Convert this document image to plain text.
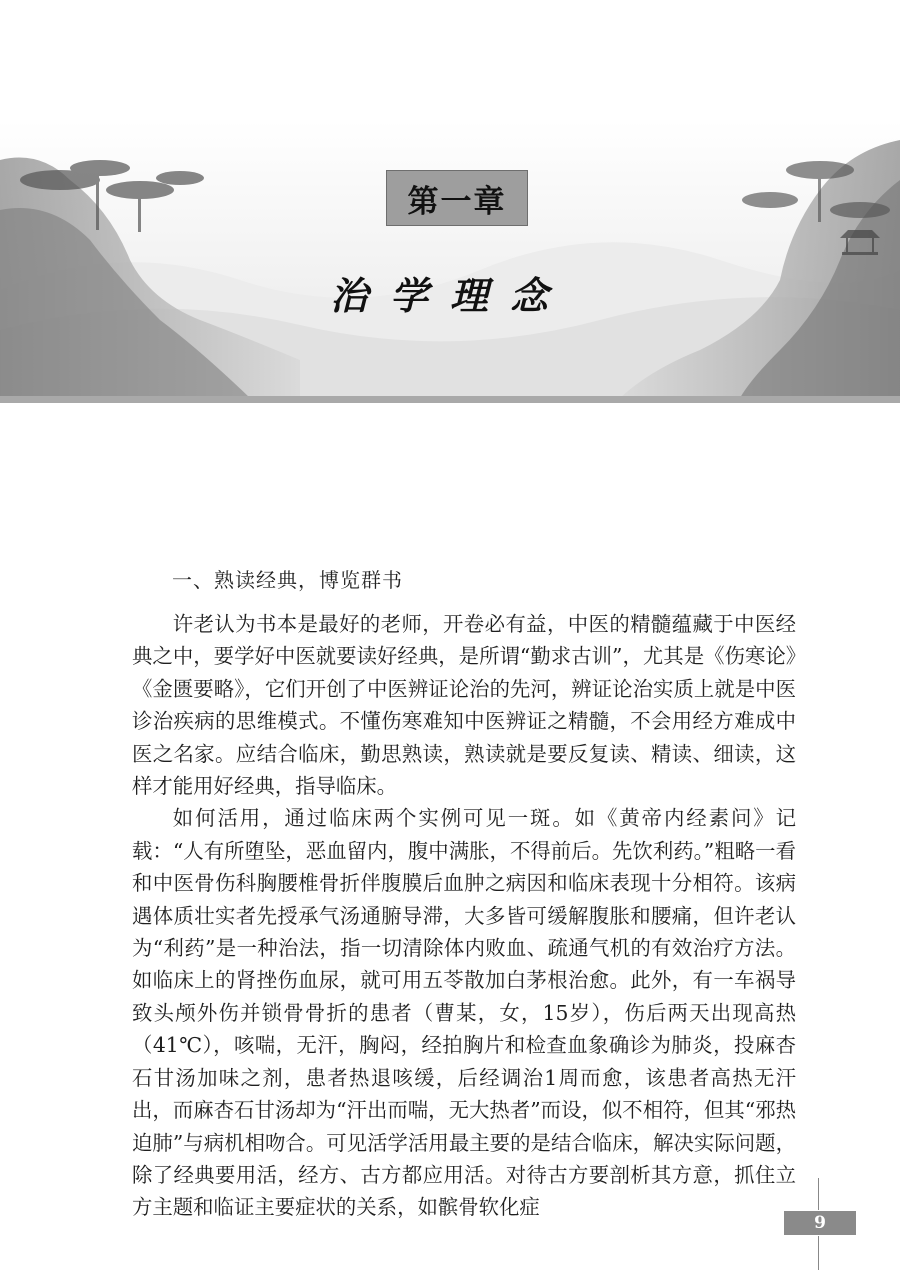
第一章
治学理念
一、熟读经典，博览群书

许老认为书本是最好的老师，开卷必有益，中医的精髓蕴藏于中医经典之中，要学好中医就要读好经典，是所谓“勤求古训”，尤其是《伤寒论》《金匮要略》，它们开创了中医辨证论治的先河，辨证论治实质上就是中医诊治疾病的思维模式。不懂伤寒难知中医辨证之精髓，不会用经方难成中医之名家。应结合临床，勤思熟读，熟读就是要反复读、精读、细读，这样才能用好经典，指导临床。

如何活用，通过临床两个实例可见一斑。如《黄帝内经素问》记载：“人有所堕坠，恶血留内，腹中满胀，不得前后。先饮利药。”粗略一看和中医骨伤科胸腰椎骨折伴腹膜后血肿之病因和临床表现十分相符。该病遇体质壮实者先授承气汤通腑导滞，大多皆可缓解腹胀和腰痛，但许老认为“利药”是一种治法，指一切清除体内败血、疏通气机的有效治疗方法。如临床上的肾挫伤血尿，就可用五苓散加白茅根治愈。此外，有一车祸导致头颅外伤并锁骨骨折的患者（曹某，女，15岁），伤后两天出现高热（41℃），咳喘，无汗，胸闷，经拍胸片和检查血象确诊为肺炎，投麻杏石甘汤加味之剂，患者热退咳缓，后经调治1周而愈，该患者高热无汗出，而麻杏石甘汤却为“汗出而喘，无大热者”而设，似不相符，但其“邪热迫肺”与病机相吻合。可见活学活用最主要的是结合临床，解决实际问题，除了经典要用活，经方、古方都应用活。对待古方要剖析其方意，抓住立方主题和临证主要症状的关系，如髌骨软化症

9
